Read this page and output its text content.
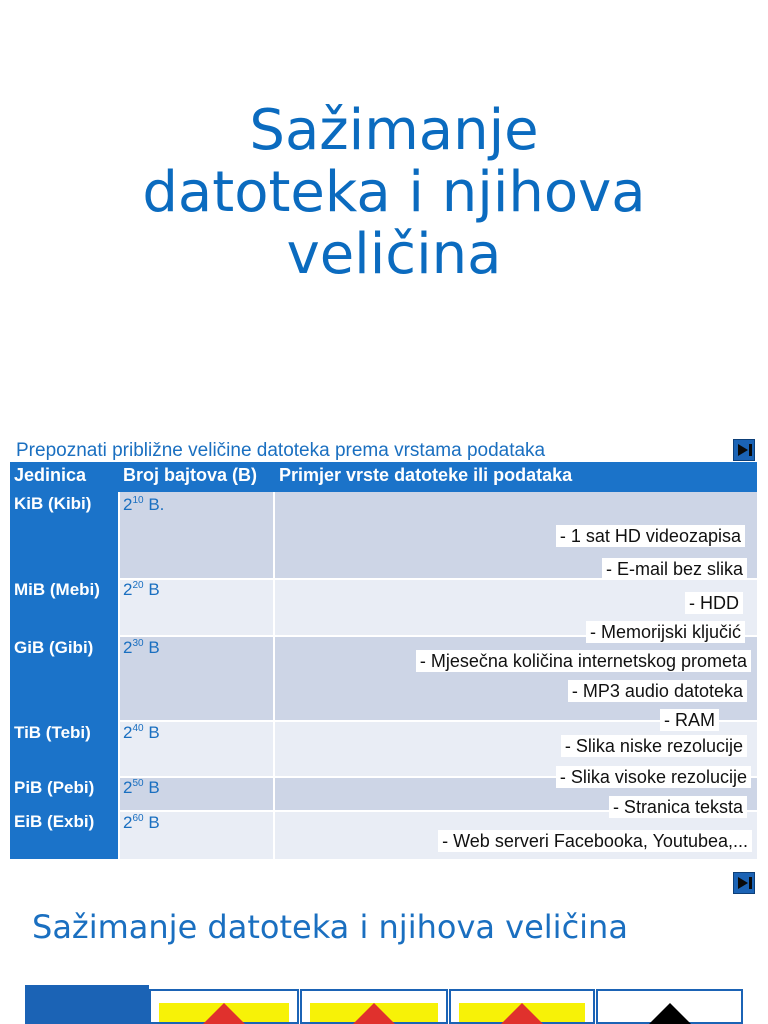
Sažimanje
datoteka i njihova
veličina
Prepoznati približne veličine datoteka prema vrstama podataka
Jedinica Broj bajtova (B) Primjer vrste datoteke ili podataka
KiB (Kibi)
MiB (Mebi)
GiB (Gibi)
TiB (Tebi)
PiB (Pebi)
EiB (Exbi)
$2^{10}$ B.
$2^{20}$ B
$2^{30}$ B
$2^{40}$ B
$2^{50}$ B
$2^{60}$ B
- 1 sat HD videozapisa
- E-mail bez slika
- HDD
- Memorijski ključić
- Mjesečna količina internetskog prometa
- MP3 audio datoteka
- RAM
- Slika niske rezolucije
- Slika visoke rezolucije
- Stranica teksta
- Web serveri Facebooka, Youtubea,...
Sažimanje datoteka i njihova veličina
